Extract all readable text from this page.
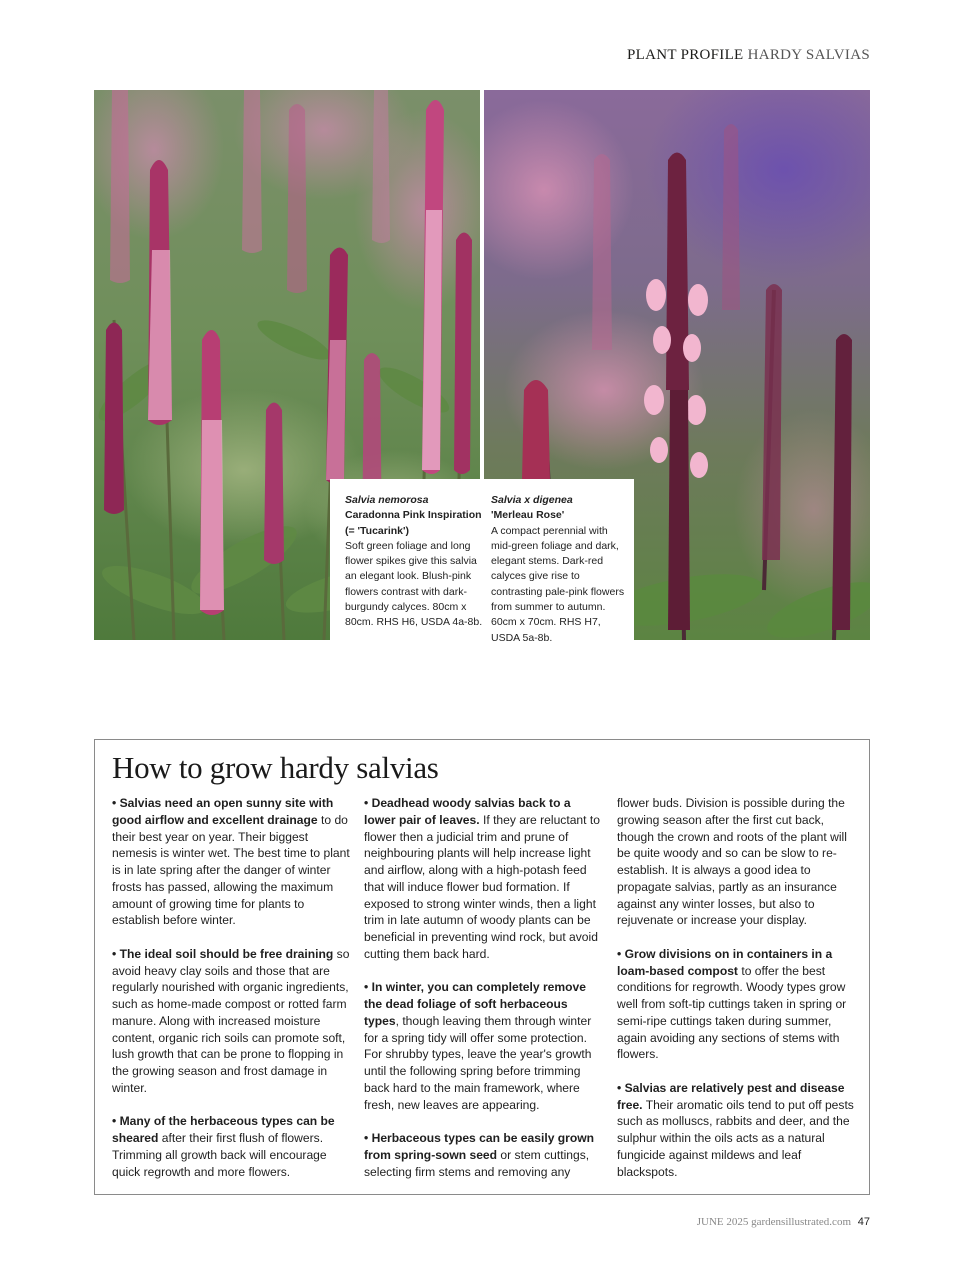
PLANT PROFILE HARDY SALVIAS
Salvia nemorosa
Caradonna Pink Inspiration (= 'Tucarink')
Soft green foliage and long flower spikes give this salvia an elegant look. Blush-pink flowers contrast with dark-burgundy calyces. 80cm x 80cm. RHS H6, USDA 4a-8b.
Salvia x digenea
'Merleau Rose'
A compact perennial with mid-green foliage and dark, elegant stems. Dark-red calyces give rise to contrasting pale-pink flowers from summer to autumn. 60cm x 70cm. RHS H7, USDA 5a-8b.
How to grow hardy salvias

• Salvias need an open sunny site with good airflow and excellent drainage to do their best year on year. Their biggest nemesis is winter wet. The best time to plant is in late spring after the danger of winter frosts has passed, allowing the maximum amount of growing time for plants to establish before winter.

• The ideal soil should be free draining so avoid heavy clay soils and those that are regularly nourished with organic ingredients, such as home-made compost or rotted farm manure. Along with increased moisture content, organic rich soils can promote soft, lush growth that can be prone to flopping in the growing season and frost damage in winter.

• Many of the herbaceous types can be sheared after their first flush of flowers. Trimming all growth back will encourage quick regrowth and more flowers.

• Deadhead woody salvias back to a lower pair of leaves. If they are reluctant to flower then a judicial trim and prune of neighbouring plants will help increase light and airflow, along with a high-potash feed that will induce flower bud formation. If exposed to strong winter winds, then a light trim in late autumn of woody plants can be beneficial in preventing wind rock, but avoid cutting them back hard.

• In winter, you can completely remove the dead foliage of soft herbaceous types, though leaving them through winter for a spring tidy will offer some protection. For shrubby types, leave the year's growth until the following spring before trimming back hard to the main framework, where fresh, new leaves are appearing.

• Herbaceous types can be easily grown from spring-sown seed or stem cuttings, selecting firm stems and removing any

flower buds. Division is possible during the growing season after the first cut back, though the crown and roots of the plant will be quite woody and so can be slow to re-establish. It is always a good idea to propagate salvias, partly as an insurance against any winter losses, but also to rejuvenate or increase your display.

• Grow divisions on in containers in a loam-based compost to offer the best conditions for regrowth. Woody types grow well from soft-tip cuttings taken in spring or semi-ripe cuttings taken during summer, again avoiding any sections of stems with flowers.

• Salvias are relatively pest and disease free. Their aromatic oils tend to put off pests such as molluscs, rabbits and deer, and the sulphur within the oils acts as a natural fungicide against mildews and leaf blackspots.

JUNE 2025 gardensillustrated.com 47
